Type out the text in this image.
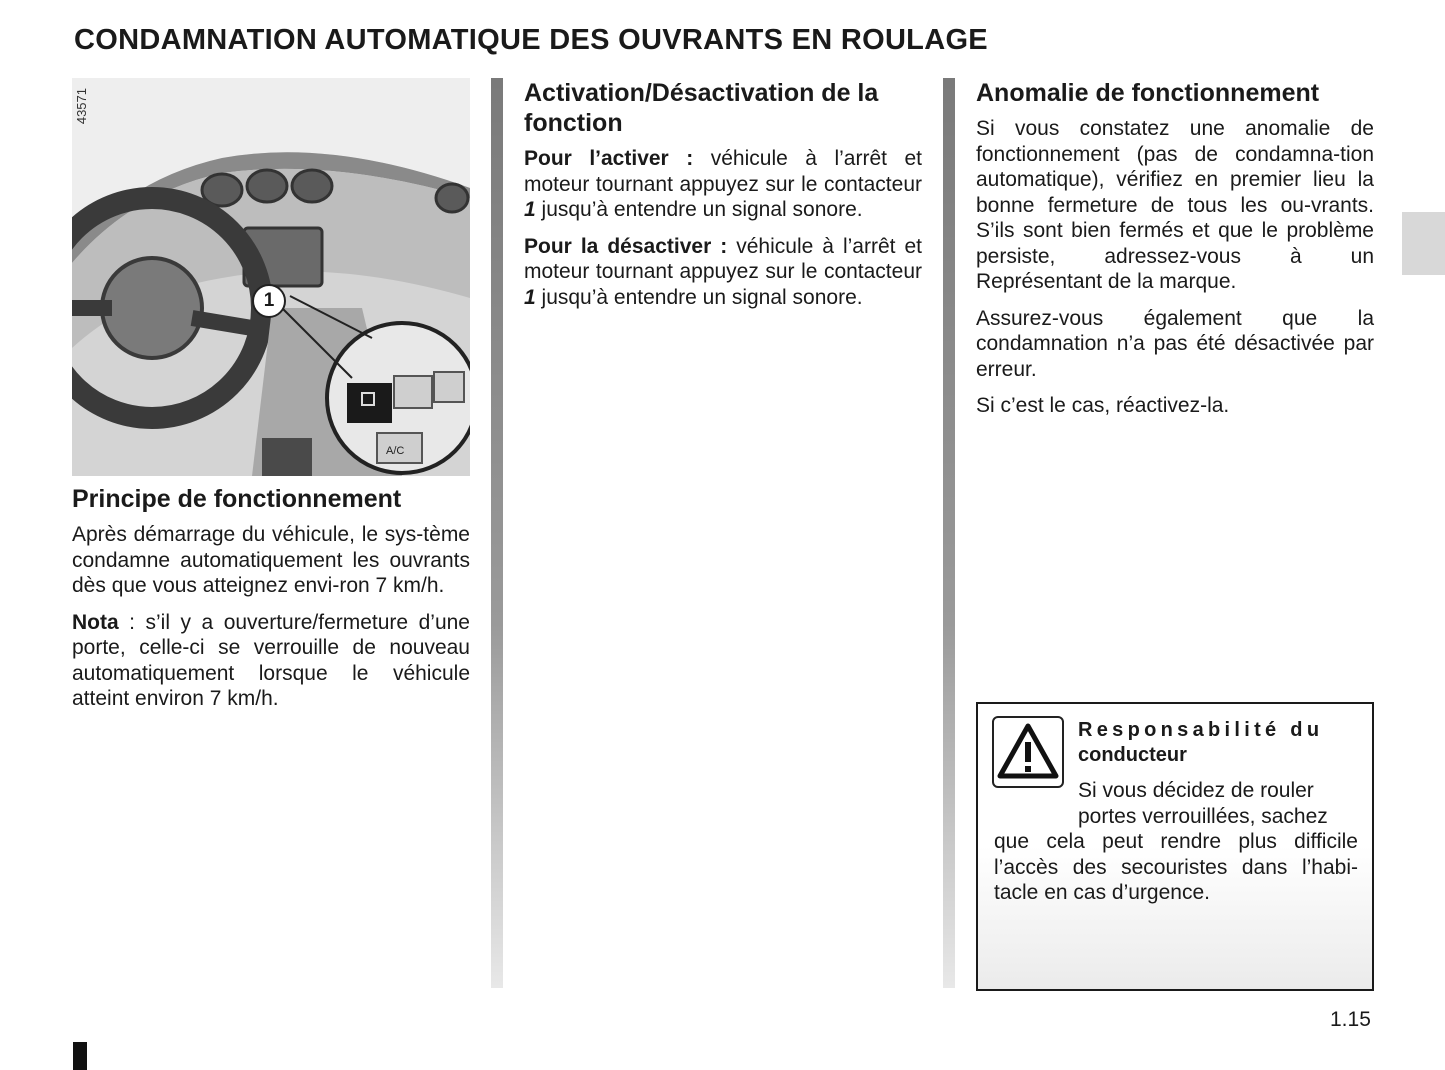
CONDAMNATION AUTOMATIQUE DES OUVRANTS EN ROULAGE
A/C
43571
1
Principe de fonctionnement

Après démarrage du véhicule, le sys-tème condamne automatiquement les ouvrants dès que vous atteignez envi-ron 7 km/h.

Nota : s’il y a ouverture/fermeture d’une porte, celle-ci se verrouille de nouveau automatiquement lorsque le véhicule atteint environ 7 km/h.

Activation/Désactivation de la fonction

Pour l’activer : véhicule à l’arrêt et moteur tournant appuyez sur le contacteur 1 jusqu’à entendre un signal sonore.

Pour la désactiver : véhicule à l’arrêt et moteur tournant appuyez sur le contacteur 1 jusqu’à entendre un signal sonore.

Anomalie de fonctionnement

Si vous constatez une anomalie de fonctionnement (pas de condamna-tion automatique), vérifiez en premier lieu la bonne fermeture de tous les ou-vrants. S’ils sont bien fermés et que le problème persiste, adressez-vous à un Représentant de la marque.

Assurez-vous également que la condamnation n’a pas été désactivée par erreur.

Si c’est le cas, réactivez-la.

Responsabilité du
conducteur

Si vous décidez de rouler

portes verrouillées, sachez

que cela peut rendre plus difficile l’accès des secouristes dans l’habi-tacle en cas d’urgence.

1.15
